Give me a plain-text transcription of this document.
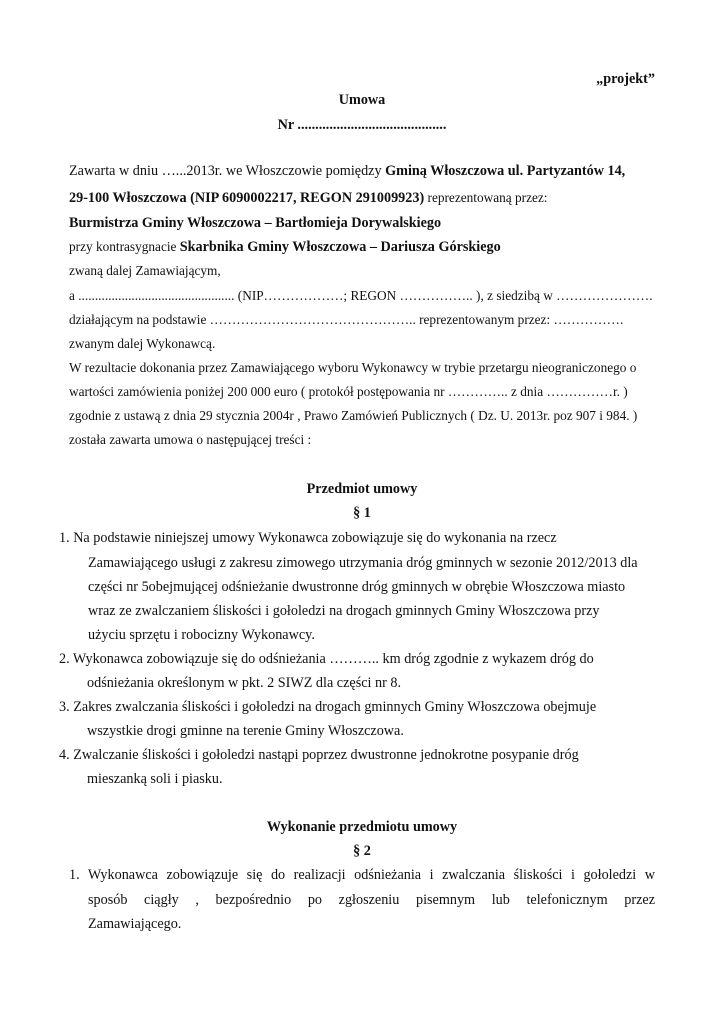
„projekt”
Umowa
Nr ..........................................
Zawarta w dniu …...2013r. we Włoszczowie pomiędzy Gminą Włoszczowa ul. Partyzantów 14,
29-100 Włoszczowa (NIP 6090002217, REGON 291009923) reprezentowaną przez:
Burmistrza Gminy Włoszczowa – Bartłomieja Dorywalskiego
przy kontrasygnacie Skarbnika Gminy Włoszczowa – Dariusza Górskiego
zwaną dalej Zamawiającym,
a ............................................... (NIP………………; REGON …………….. ), z siedzibą w ………………….
działającym na podstawie ……………………………………….. reprezentowanym przez: …………….
zwanym dalej Wykonawcą.
W rezultacie dokonania przez Zamawiającego wyboru Wykonawcy w trybie przetargu nieograniczonego o
wartości zamówienia poniżej 200 000 euro ( protokół postępowania nr ………….. z dnia ……………r. )
zgodnie z ustawą z dnia 29 stycznia 2004r , Prawo Zamówień Publicznych ( Dz. U. 2013r. poz 907 i 984. )
została zawarta umowa o następującej treści :
Przedmiot umowy
§ 1
1. Na podstawie niniejszej umowy Wykonawca zobowiązuje się do wykonania na rzecz
Zamawiającego usługi z zakresu zimowego utrzymania dróg gminnych w sezonie 2012/2013 dla
części nr 5obejmującej odśnieżanie dwustronne dróg gminnych w obrębie Włoszczowa miasto
wraz ze zwalczaniem śliskości i gołoledzi na drogach gminnych Gminy Włoszczowa przy
użyciu sprzętu i robocizny Wykonawcy.
2. Wykonawca zobowiązuje się do odśnieżania ……….. km dróg zgodnie z wykazem dróg do
odśnieżania określonym w pkt. 2 SIWZ dla części nr 8.
3. Zakres zwalczania śliskości i gołoledzi na drogach gminnych Gminy Włoszczowa obejmuje
wszystkie drogi gminne na terenie Gminy Włoszczowa.
4. Zwalczanie śliskości i gołoledzi nastąpi poprzez dwustronne jednokrotne posypanie dróg
mieszanką soli i piasku.
Wykonanie przedmiotu umowy
§ 2
1. Wykonawca zobowiązuje się do realizacji odśnieżania i zwalczania śliskości i gołoledzi w
sposób ciągły , bezpośrednio po zgłoszeniu pisemnym lub telefonicznym przez
Zamawiającego.
